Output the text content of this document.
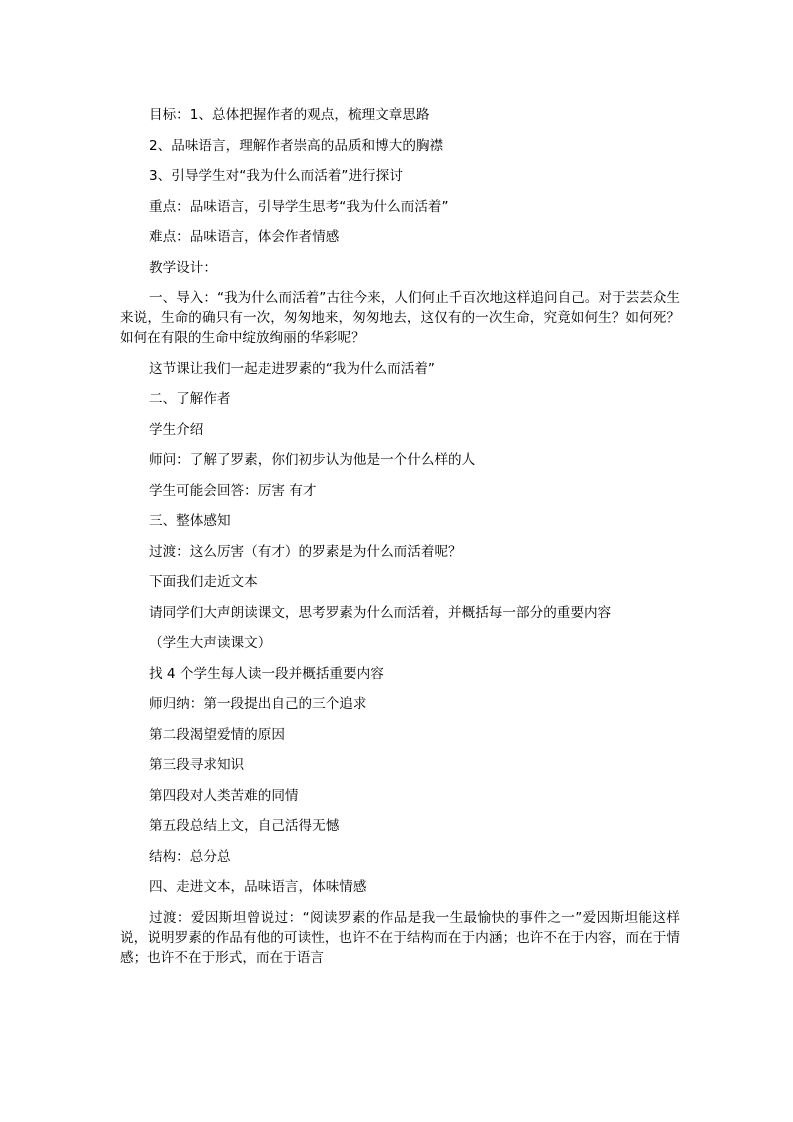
目标：1、总体把握作者的观点，梳理文章思路

2、品味语言，理解作者崇高的品质和博大的胸襟

3、引导学生对“我为什么而活着”进行探讨

重点：品味语言，引导学生思考“我为什么而活着”

难点：品味语言，体会作者情感

教学设计：

一、导入：“我为什么而活着”古往今来，人们何止千百次地这样追问自己。对于芸芸众生来说，生命的确只有一次，匆匆地来，匆匆地去，这仅有的一次生命，究竟如何生？如何死？如何在有限的生命中绽放绚丽的华彩呢？

这节课让我们一起走进罗素的“我为什么而活着”

二、了解作者

学生介绍

师问：了解了罗素，你们初步认为他是一个什么样的人

学生可能会回答：厉害 有才

三、整体感知

过渡：这么厉害（有才）的罗素是为什么而活着呢？

下面我们走近文本

请同学们大声朗读课文，思考罗素为什么而活着，并概括每一部分的重要内容

（学生大声读课文）

找 4 个学生每人读一段并概括重要内容

师归纳：第一段提出自己的三个追求

第二段渴望爱情的原因

第三段寻求知识

第四段对人类苦难的同情

第五段总结上文，自己活得无憾

结构：总分总

四、走进文本，品味语言，体味情感

过渡：爱因斯坦曾说过：“阅读罗素的作品是我一生最愉快的事件之一”爱因斯坦能这样说，说明罗素的作品有他的可读性，也许不在于结构而在于内涵；也许不在于内容，而在于情感；也许不在于形式，而在于语言
